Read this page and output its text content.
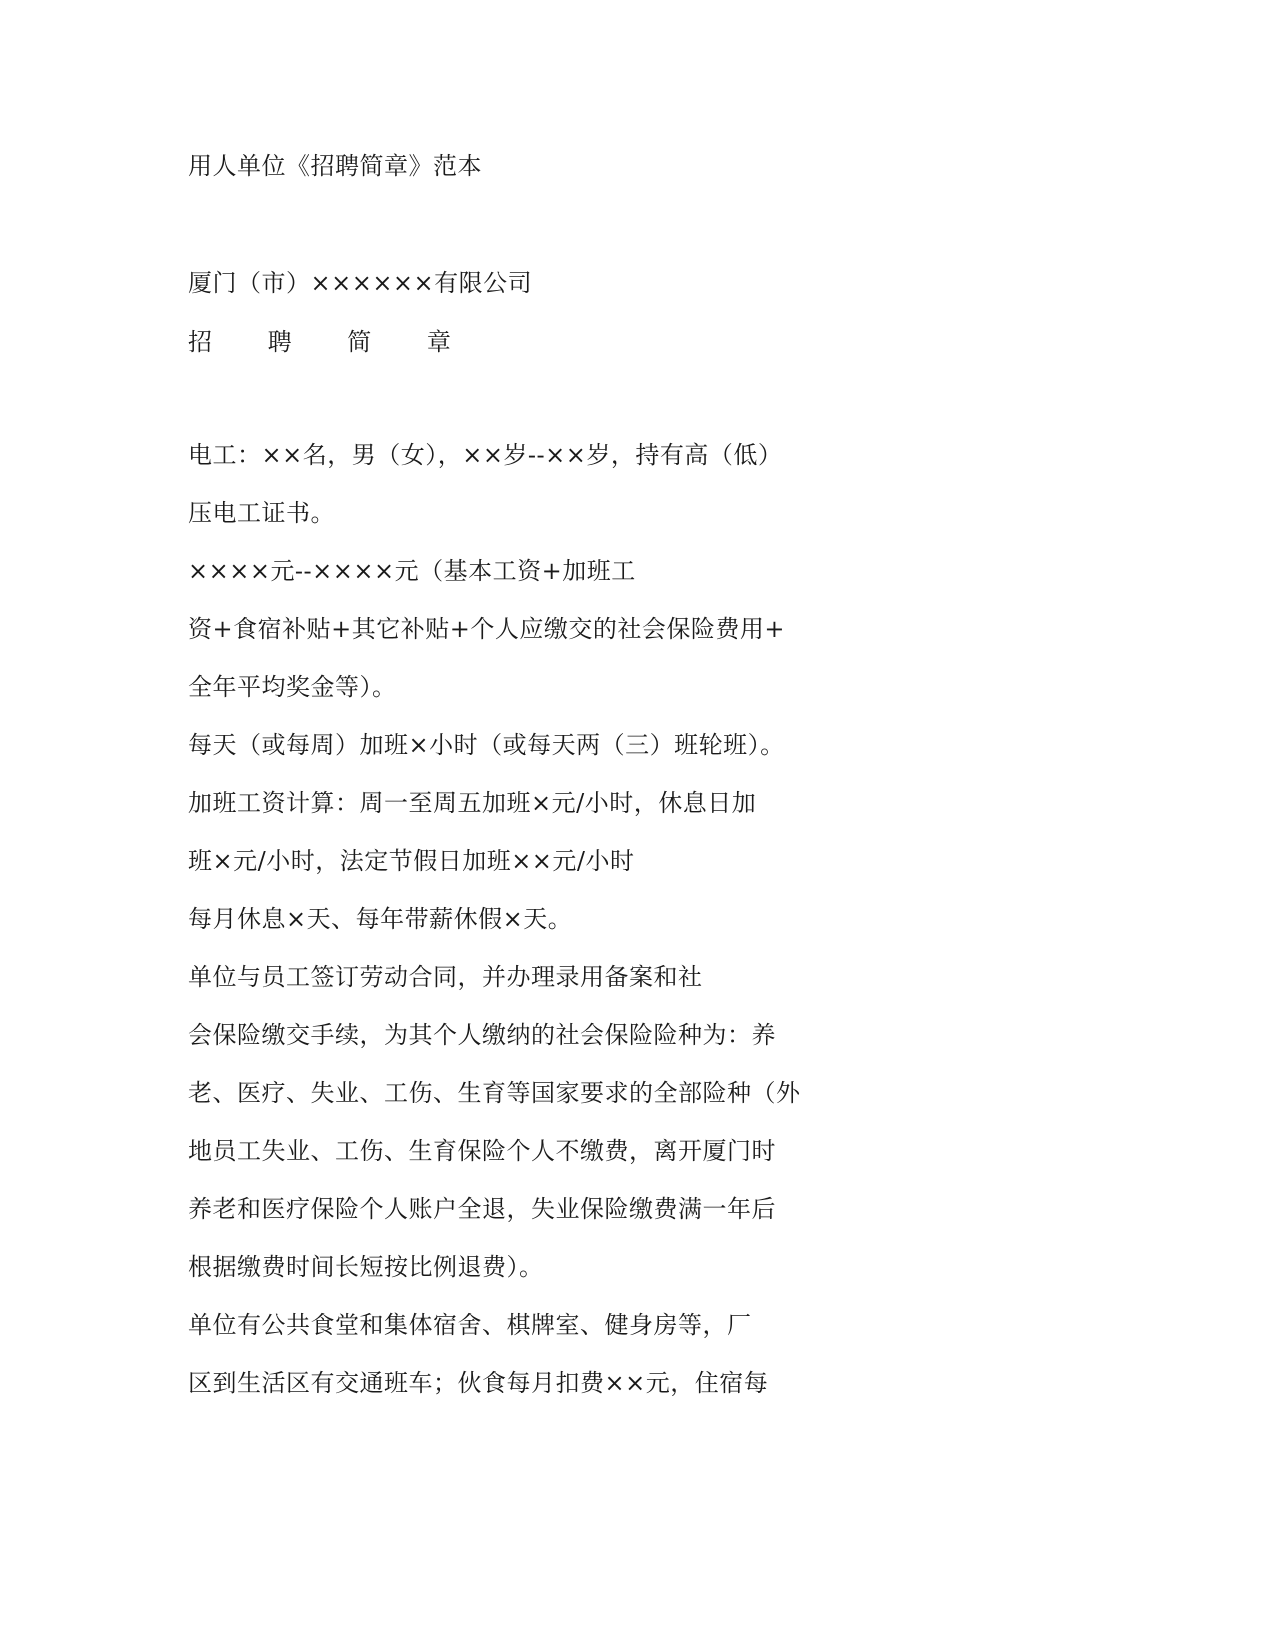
用人单位《招聘简章》范本
厦门（市）××××××有限公司
招 聘 简 章
电工：××名，男（女），××岁--××岁，持有高（低）
压电工证书。
××××元--××××元（基本工资+加班工
资+食宿补贴+其它补贴+个人应缴交的社会保险费用+
全年平均奖金等）。
每天（或每周）加班×小时（或每天两（三）班轮班）。
加班工资计算：周一至周五加班×元/小时，休息日加
班×元/小时，法定节假日加班××元/小时
每月休息×天、每年带薪休假×天。
单位与员工签订劳动合同，并办理录用备案和社
会保险缴交手续，为其个人缴纳的社会保险险种为：养
老、医疗、失业、工伤、生育等国家要求的全部险种（外
地员工失业、工伤、生育保险个人不缴费，离开厦门时
养老和医疗保险个人账户全退，失业保险缴费满一年后
根据缴费时间长短按比例退费）。
单位有公共食堂和集体宿舍、棋牌室、健身房等，厂
区到生活区有交通班车；伙食每月扣费××元，住宿每
